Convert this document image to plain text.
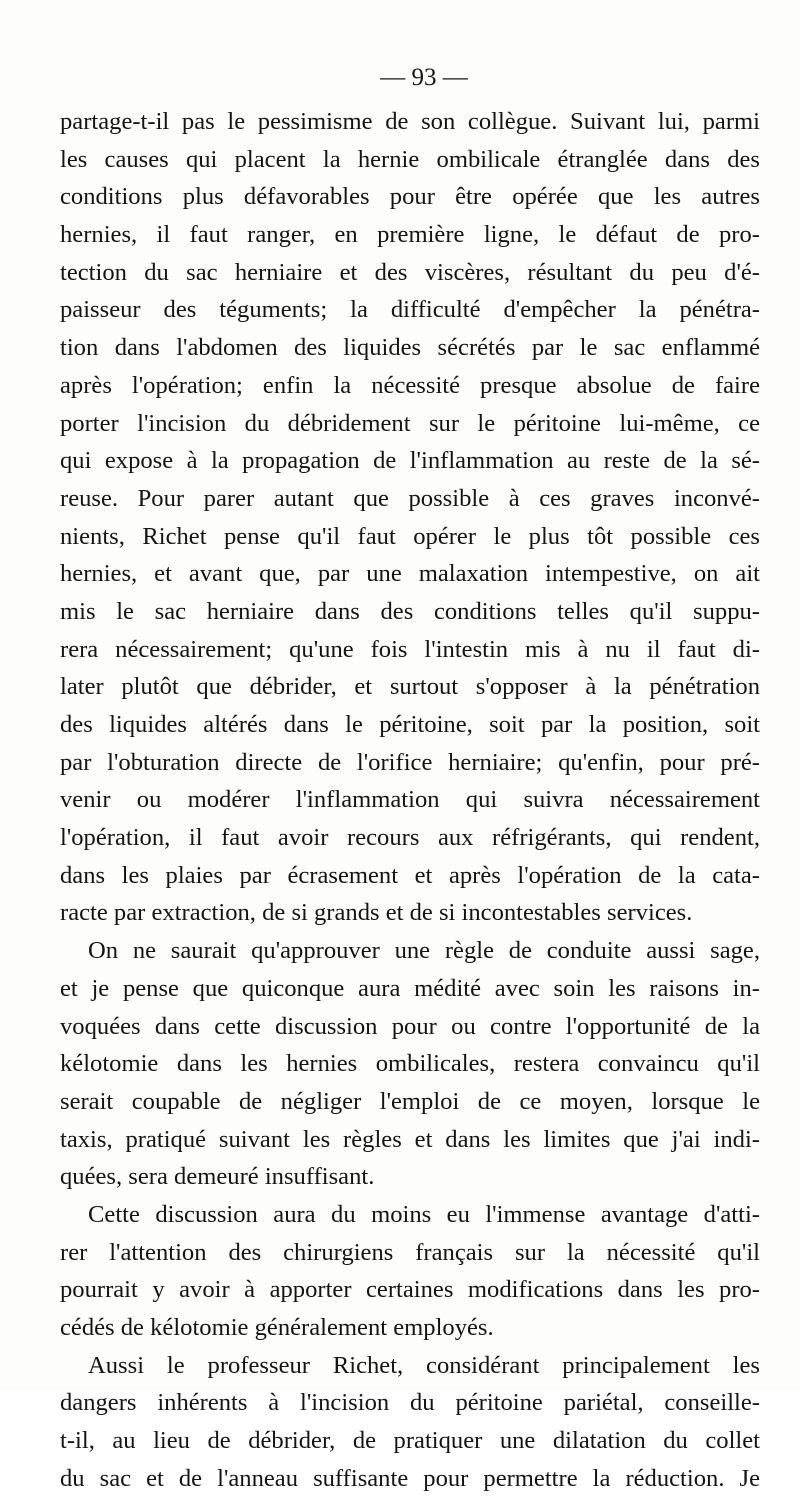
— 93 —
partage-t-il pas le pessimisme de son collègue. Suivant lui, parmi
les causes qui placent la hernie ombilicale étranglée dans des
conditions plus défavorables pour être opérée que les autres
hernies, il faut ranger, en première ligne, le défaut de pro-
tection du sac herniaire et des viscères, résultant du peu d'é-
paisseur des téguments; la difficulté d'empêcher la pénétra-
tion dans l'abdomen des liquides sécrétés par le sac enflammé
après l'opération; enfin la nécessité presque absolue de faire
porter l'incision du débridement sur le péritoine lui-même, ce
qui expose à la propagation de l'inflammation au reste de la sé-
reuse. Pour parer autant que possible à ces graves inconvé-
nients, Richet pense qu'il faut opérer le plus tôt possible ces
hernies, et avant que, par une malaxation intempestive, on ait
mis le sac herniaire dans des conditions telles qu'il suppu-
rera nécessairement; qu'une fois l'intestin mis à nu il faut di-
later plutôt que débrider, et surtout s'opposer à la pénétration
des liquides altérés dans le péritoine, soit par la position, soit
par l'obturation directe de l'orifice herniaire; qu'enfin, pour pré-
venir ou modérer l'inflammation qui suivra nécessairement
l'opération, il faut avoir recours aux réfrigérants, qui rendent,
dans les plaies par écrasement et après l'opération de la cata-
racte par extraction, de si grands et de si incontestables services.
On ne saurait qu'approuver une règle de conduite aussi sage,
et je pense que quiconque aura médité avec soin les raisons in-
voquées dans cette discussion pour ou contre l'opportunité de la
kélotomie dans les hernies ombilicales, restera convaincu qu'il
serait coupable de négliger l'emploi de ce moyen, lorsque le
taxis, pratiqué suivant les règles et dans les limites que j'ai indi-
quées, sera demeuré insuffisant.
Cette discussion aura du moins eu l'immense avantage d'atti-
rer l'attention des chirurgiens français sur la nécessité qu'il
pourrait y avoir à apporter certaines modifications dans les pro-
cédés de kélotomie généralement employés.
Aussi le professeur Richet, considérant principalement les
dangers inhérents à l'incision du péritoine pariétal, conseille-
t-il, au lieu de débrider, de pratiquer une dilatation du collet
du sac et de l'anneau suffisante pour permettre la réduction. Je
